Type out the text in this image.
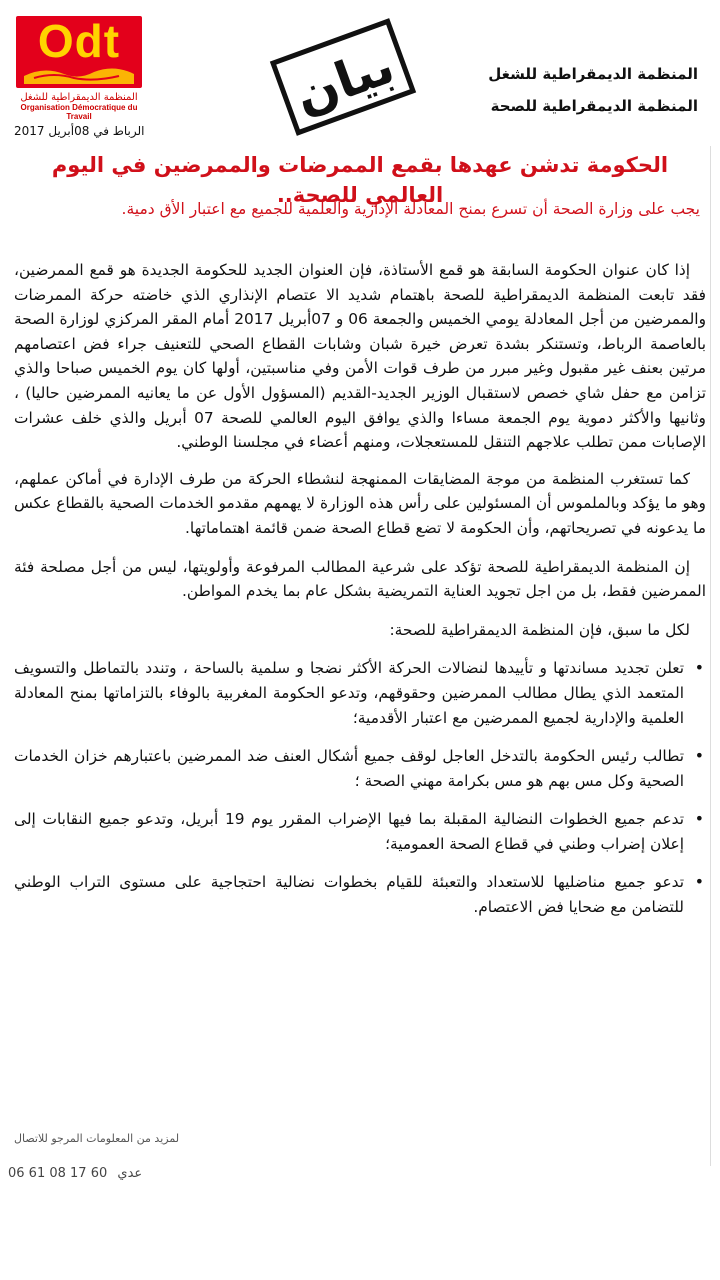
Odt
المنظمة الديمقراطية للشغل
Organisation Démocratique du Travail
الرباط في 08أبريل 2017
بيان	المنظمة الديمقراطية للشغل
المنظمة الديمقراطية للصحة
الحكومة تدشن عهدها بقمع الممرضات والممرضين في اليوم العالمي للصحة..
يجب على وزارة الصحة أن تسرع بمنح المعادلة الإدارية والعلمية للجميع مع اعتبار الأق دمية.

إذا كان عنوان الحكومة السابقة هو قمع الأستاذة، فإن العنوان الجديد للحكومة الجديدة هو قمع الممرضين، فقد تابعت المنظمة الديمقراطية للصحة باهتمام شديد الا عتصام الإنذاري الذي خاضته حركة الممرضات والممرضين من أجل المعادلة يومي الخميس والجمعة 06 و 07أبريل 2017 أمام المقر المركزي لوزارة الصحة بالعاصمة الرباط، وتستنكر بشدة تعرض خيرة شبان وشابات القطاع الصحي للتعنيف جراء فض اعتصامهم مرتين بعنف غير مقبول وغير مبرر من طرف قوات الأمن وفي مناسبتين، أولها كان يوم الخميس صباحا والذي تزامن مع حفل شاي خصص لاستقبال الوزير الجديد-القديم (المسؤول الأول عن ما يعانيه الممرضين حاليا) ، وثانيها والأكثر دموية يوم الجمعة مساءا والذي يوافق اليوم العالمي للصحة 07 أبريل والذي خلف عشرات الإصابات ممن تطلب علاجهم التنقل للمستعجلات، ومنهم أعضاء في مجلسنا الوطني.

كما تستغرب المنظمة من موجة المضايقات الممنهجة لنشطاء الحركة من طرف الإدارة في أماكن عملهم، وهو ما يؤكد وبالملموس أن المسئولين على رأس هذه الوزارة لا يهمهم مقدمو الخدمات الصحية بالقطاع عكس ما يدعونه في تصريحاتهم، وأن الحكومة لا تضع قطاع الصحة ضمن قائمة اهتماماتها.

إن المنظمة الديمقراطية للصحة تؤكد على شرعية المطالب المرفوعة وأولويتها، ليس من أجل مصلحة فئة الممرضين فقط، بل من اجل تجويد العناية التمريضية بشكل عام بما يخدم المواطن.

لكل ما سبق، فإن المنظمة الديمقراطية للصحة:

•
تعلن تجديد مساندتها و تأييدها لنضالات الحركة الأكثر نضجا و سلمية بالساحة ، وتندد بالتماطل والتسويف المتعمد الذي يطال مطالب الممرضين وحقوقهم، وتدعو الحكومة المغربية بالوفاء بالتزاماتها بمنح المعادلة العلمية والإدارية لجميع الممرضين مع اعتبار الأقدمية؛
•
تطالب رئيس الحكومة بالتدخل العاجل لوقف جميع أشكال العنف ضد الممرضين باعتبارهم خزان الخدمات الصحية وكل مس بهم هو مس بكرامة مهني الصحة ؛
•
تدعم جميع الخطوات النضالية المقبلة بما فيها الإضراب المقرر يوم 19 أبريل، وتدعو جميع النقابات إلى إعلان إضراب وطني في قطاع الصحة العمومية؛
•
تدعو جميع مناضليها للاستعداد والتعبئة للقيام بخطوات نضالية احتجاجية على مستوى التراب الوطني للتضامن مع ضحايا فض الاعتصام.
لمزيد من المعلومات المرجو للاتصال
06 61 08 17 60 عدي
